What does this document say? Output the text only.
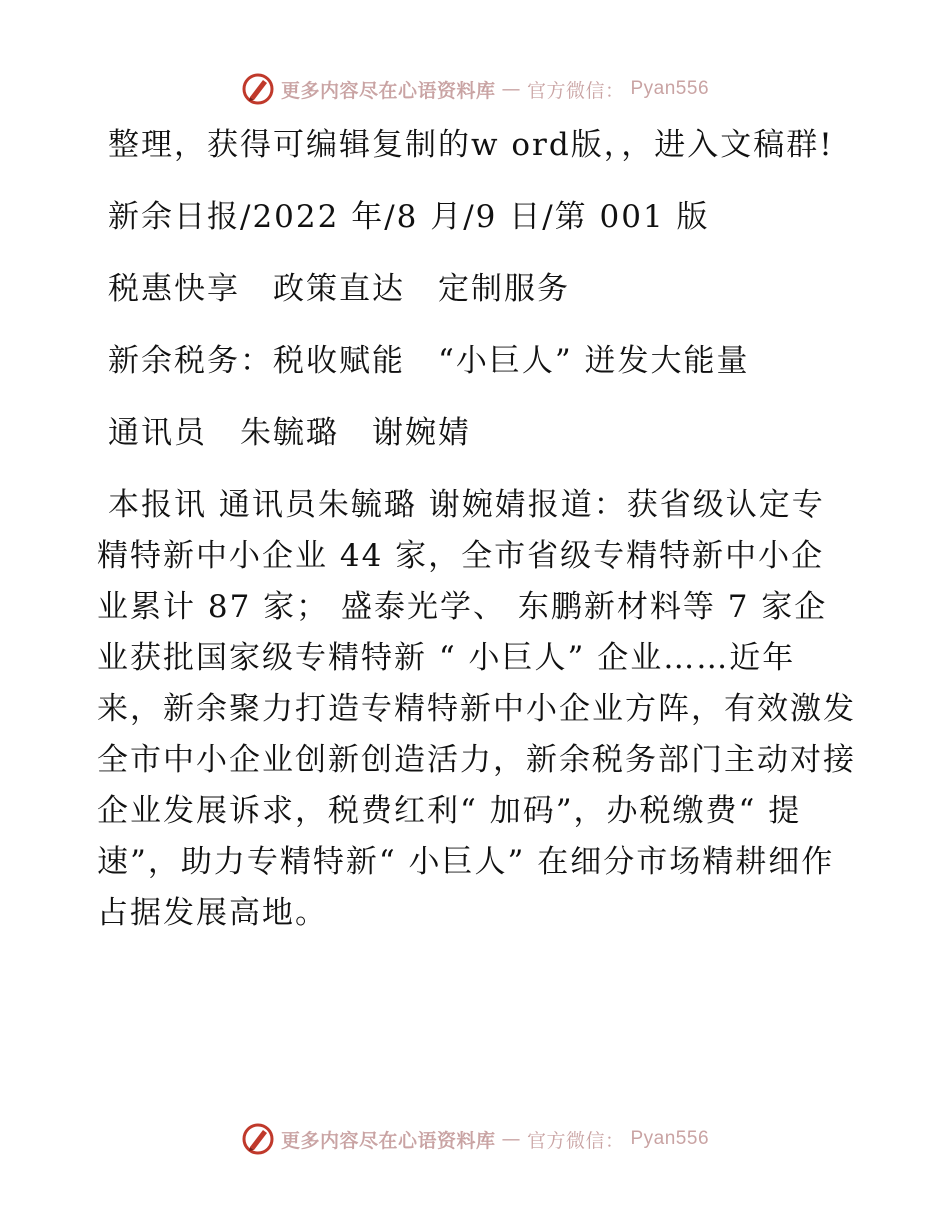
更多内容尽在心语资料库 — 官方微信： Pyan556

整理，获得可编辑复制的w ord版，，进入文稿群!

新余日报/2022 年/8 月/9 日/第 001 版

税惠快享　政策直达　定制服务

新余税务：税收赋能　“小巨人” 迸发大能量

通讯员　朱毓璐　谢婉婧

本报讯 通讯员朱毓璐 谢婉婧报道：获省级认定专精特新中小企业 44 家，全市省级专精特新中小企业累计 87 家； 盛泰光学、 东鹏新材料等 7 家企业获批国家级专精特新 “ 小巨人” 企业……近年来，新余聚力打造专精特新中小企业方阵，有效激发全市中小企业创新创造活力，新余税务部门主动对接企业发展诉求，税费红利“ 加码”，办税缴费“ 提速”，助力专精特新“ 小巨人” 在细分市场精耕细作占据发展高地。

更多内容尽在心语资料库 — 官方微信： Pyan556
